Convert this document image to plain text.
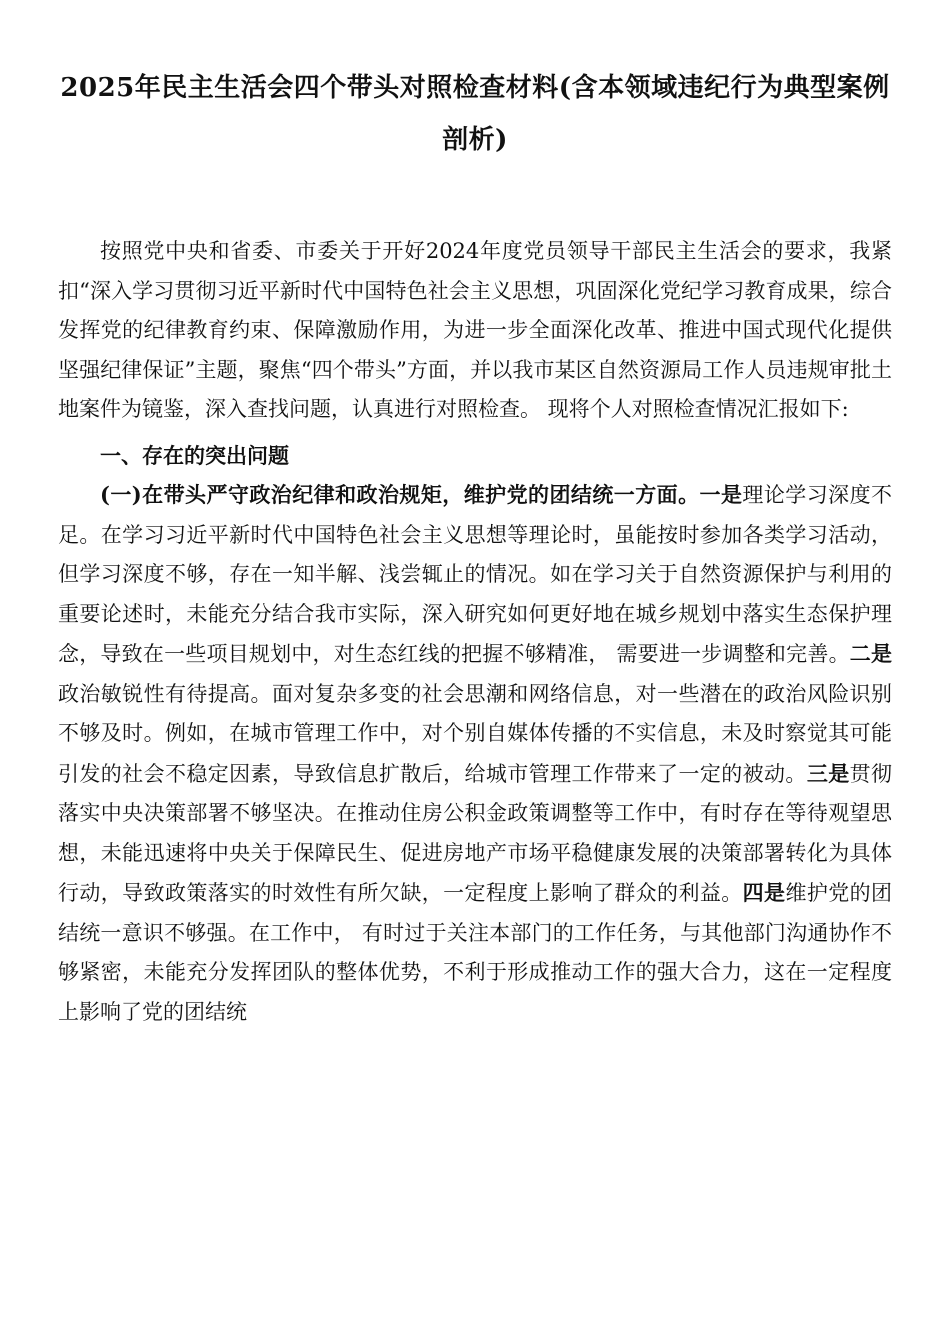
2025年民主生活会四个带头对照检查材料(含本领域违纪行为典型案例剖析)

按照党中央和省委、市委关于开好2024年度党员领导干部民主生活会的要求，我紧扣“深入学习贯彻习近平新时代中国特色社会主义思想，巩固深化党纪学习教育成果，综合发挥党的纪律教育约束、保障激励作用，为进一步全面深化改革、推进中国式现代化提供坚强纪律保证”主题，聚焦“四个带头”方面，并以我市某区自然资源局工作人员违规审批土地案件为镜鉴，深入查找问题，认真进行对照检查。 现将个人对照检查情况汇报如下:

一、存在的突出问题

(一)在带头严守政治纪律和政治规矩，维护党的团结统一方面。一是理论学习深度不足。在学习习近平新时代中国特色社会主义思想等理论时，虽能按时参加各类学习活动， 但学习深度不够，存在一知半解、浅尝辄止的情况。如在学习关于自然资源保护与利用的重要论述时，未能充分结合我市实际，深入研究如何更好地在城乡规划中落实生态保护理念，导致在一些项目规划中，对生态红线的把握不够精准， 需要进一步调整和完善。二是政治敏锐性有待提高。面对复杂多变的社会思潮和网络信息，对一些潜在的政治风险识别不够及时。例如，在城市管理工作中，对个别自媒体传播的不实信息，未及时察觉其可能引发的社会不稳定因素，导致信息扩散后，给城市管理工作带来了一定的被动。三是贯彻落实中央决策部署不够坚决。在推动住房公积金政策调整等工作中，有时存在等待观望思想，未能迅速将中央关于保障民生、促进房地产市场平稳健康发展的决策部署转化为具体行动，导致政策落实的时效性有所欠缺，一定程度上影响了群众的利益。四是维护党的团结统一意识不够强。在工作中， 有时过于关注本部门的工作任务，与其他部门沟通协作不够紧密，未能充分发挥团队的整体优势，不利于形成推动工作的强大合力，这在一定程度上影响了党的团结统
